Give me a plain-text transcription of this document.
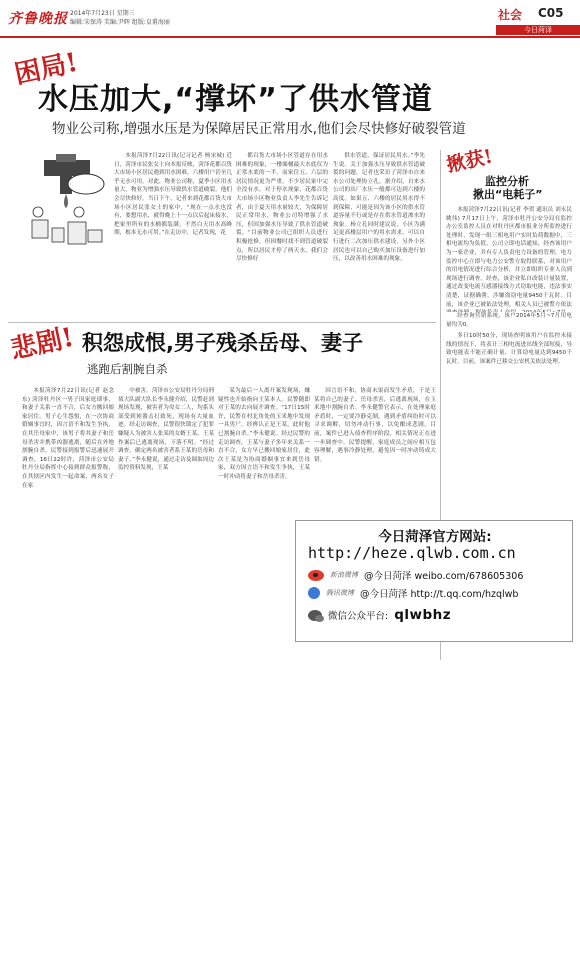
齐鲁晚报 2014年7月23日 星期三
编辑:宋保涛 美编:尹晖 组版:皇甫海丽
社会 C05
今日菏泽
困局!
水压加大,“撑坏”了供水管道
物业公司称,增强水压是为保障居民正常用水,他们会尽快修好破裂管道
本报菏泽7月22日讯(记习记者 杨宋城) 近日，菏泽市民张女士向本报反映，菏泽花都百货大市场小区居民遇到用水困难，六楼用户甚至几乎无水可用。对此，物业公司称，夏季小区用水量大，物业为增强水压导致供水管道破裂，他们会尽快修好。当日下午，记者来到花都百货大市场小区居民张女士的家中，“现在一点水也没有，要想用水，就得晚上十一点以后起床接水，把家里所有的水桶都装满，不然白天用水高峰期，根本无水可用。”在走访中，记者发现，花
都百货大市场小区管道存在用水困难的现象，一楼储桶最大水底仅为正常水底的一半。而家住五、六层的居民情况更为严重，不少居民家中完全没有水。对于停水现象，花都百货大市场小区物业负责人李先生告诉记者，由于夏天用水量较大，为保障居民正常用水，物业公司特增强了水压，但因加强水压导致了供水管道破裂，“目前物业公司已组织人员进行积极抢修，但因餐时找不到管道破裂点，所以居民才停了两天水，我们会尽快修好
供水管道，保证居民用水。”李先生说。关于加强水压导致供水管道破裂的问题，记者也采访了菏泽市自来水公司处理协立孔，据介绍，自来水公司的出厂水压一般都可达到六楼的高度。如果五、六楼的居民用水得不到保障，可能是因为该小区的供水管道容量不行或是存在供水管道渗水的现象。杨立孔同时建议说，小区为满足更高楼层用户的用水需求，可以自行进行二次加压供水建设，另外小区居民也可以自己购买加压设备进行加压，以改善用水困难的现象。
揪获!
监控分析
揪出“电耗子”
本报菏泽7月22日讯(记者 李贺 通讯员 刘永民 姚伟) 7月17日上午，菏泽市牡丹公安分局在监控办公室监控人员在对牡丹区都市报业分所监控进行处理时，发现一组三相电用户实时负荷数据中，三相电流均为负值，公司立即电话通知，经查该用户为一家企业，并有专人负责电力设备的管理，电力监控中心立即与电力公安警方取得联系，对该用户的用电情况进行综合分析，并立即组织专业人员到现场进行调查。经查，该企业私自改装计量装置，通过改变电流互感器接线方式窃取电能，违法事实清楚，证据确凿，涉嫌盗窃电量9450千瓦时。目前，该企业已被依法处理，相关人员已被警方依法
经查询营销系统，该户2014年5月~7月用电量均为0。
多日10时50分，现场查明该用户在监控未接线的情况下，将表计三相电流进出线全部短接，导致电能表不能正确计量，计算窃电量达到9450千瓦时。目前，该案件已移交公安机关依法处理。
悲剧! 积怨成恨,男子残杀岳母、妻子
逃跑后割腕自杀
本报菏泽7月22日讯(记者 赵念东) 菏泽牡丹区一男子因家庭琐事，和妻子关系一直不合，后女方搬回娘家居住。男子心生怨恨，在一次协商婚姻事宜时，因言语不和发生争执，在其岳母家中，该男子将其妻子和岳母杀害并携带凶器逃离，随后在外地割腕自杀。民警接到报警后迅速展开调查，16日22时许，菏泽市公安局牡丹分局指挥中心接到群众报警称，在其辖区内发生一起命案，两名女子在家
中被害。菏泽市公安局牡丹分局刑侦大队副大队长李永健介绍，民警赶到现场发现，被害者为母女二人，均系头部受到钝器击打致死，现场有大量血迹。经走访调查，民警很快锁定了犯罪嫌疑人为被害人张某的女婿王某，王某作案后已逃离现场，下落不明。“经过调查，确定两名被害者系王某的岳母和妻子。”李永健说，通过走访及调取周边监控资料发现，王某
某为最后一人离开案发现场，嫌疑性也开始指向王某本人。民警随即对王某的去向展开调查。“17日15时许，民警在村北角处的玉米地中发现一具男尸，经辨认正是王某，此时他已割腕自杀。”李永健说。经过民警的走访调查，王某与妻子多年来关系一直不合，女方早已搬回娘家居住，此次王某是为协商婚姻事宜来到岳母家，双方因言语不和发生争执，王某一时冲动将妻子和岳母杀害。
因言语不和，协商未果而发生矛盾，于是王某将自己的妻子、岳母杀害，后逃离现场，在玉米地中割腕自杀。李永健警官表示，在处理家庭矛盾时，一定要冷静克制，遇到矛盾纠纷时可以寻求调解，切勿冲动行事，以免酿成悲剧。目前，案件已进入侦查程序阶段，相关情况正在进一步调查中。民警提醒，家庭成员之间应相互包容理解，遇事冷静处理，避免因一时冲动铸成大错。
今日菏泽官方网站:
http://heze.qlwb.com.cn
新浪微博 @今日菏泽 weibo.com/678605306
腾讯微博 @今日菏泽 http://t.qq.com/hzqlwb
微信公众平台: qlwbhz
